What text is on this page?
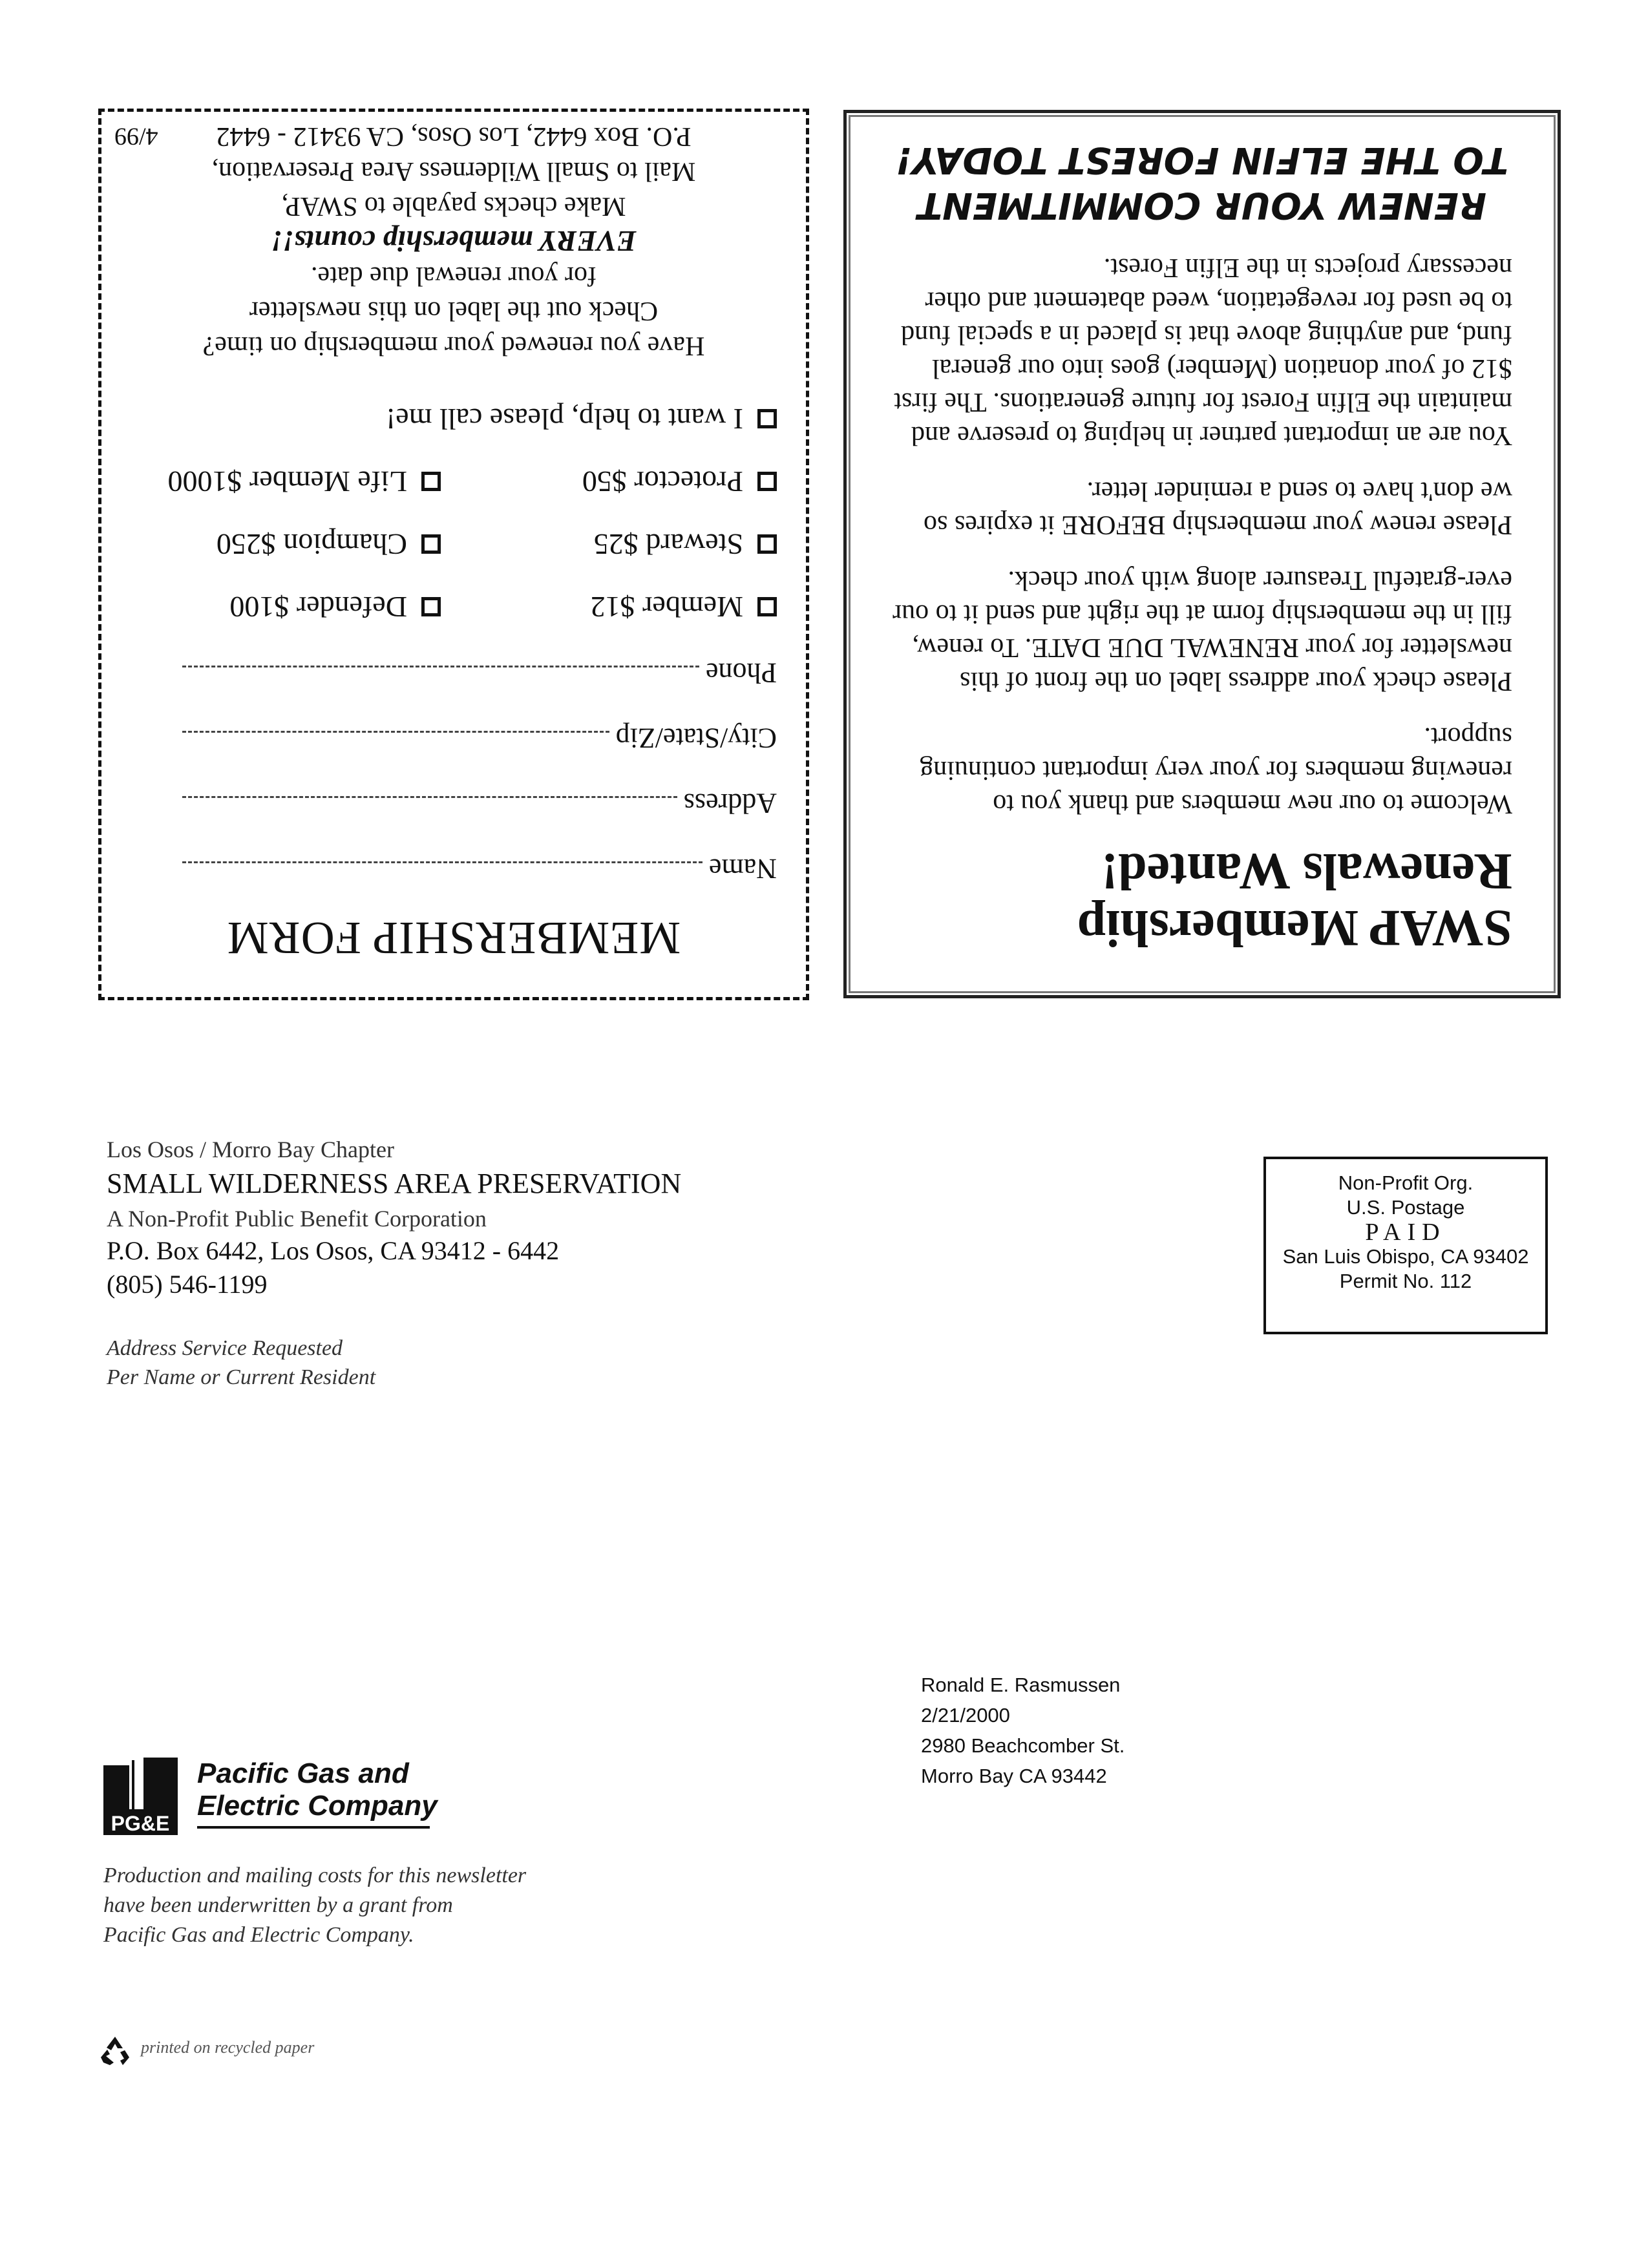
SWAP Membership

Renewals Wanted!

Welcome to our new members and thank you to renewing members for your very important continuing support.

Please check your address label on the front of this newsletter for your RENEWAL DUE DATE. To renew, fill in the membership form at the right and send it to our ever-grateful Treasurer along with your check.

Please renew your membership BEFORE it expires so we don't have to send a reminder letter.

You are an important partner in helping to preserve and maintain the Elfin Forest for future generations. The first $12 of your donation (Member) goes into our general fund, and anything above that is placed in a special fund to be used for revegetation, weed abatement and other necessary projects in the Elfin Forest.

RENEW YOUR COMMITMENT
TO THE ELFIN FOREST TODAY!

MEMBERSHIP FORM

Name
Address
City/State/Zip
Phone
Member $12
Defender $100
Steward $25
Champion $250
Protector $50
Life Member $1000
I want to help, please call me!
Have you renewed your membership on time?
Check out the label on this newsletter
for your renewal due date.
EVERY membership counts!!
Make checks payable to SWAP,
Mail to Small Wilderness Area Preservation,
P.O. Box 6442, Los Osos, CA 93412 - 6442
4/99
Los Osos / Morro Bay Chapter
SMALL WILDERNESS AREA PRESERVATION
A Non-Profit Public Benefit Corporation
P.O. Box 6442, Los Osos, CA 93412 - 6442
(805) 546-1199
Address Service Requested
Per Name or Current Resident
Non-Profit Org.
U.S. Postage
PAID
San Luis Obispo, CA 93402
Permit No. 112
Ronald E. Rasmussen
2/21/2000
2980 Beachcomber St.
Morro Bay CA 93442
PG&E
Pacific Gas and
Electric Company
Production and mailing costs for this newsletter
have been underwritten by a grant from
Pacific Gas and Electric Company.
printed on recycled paper
